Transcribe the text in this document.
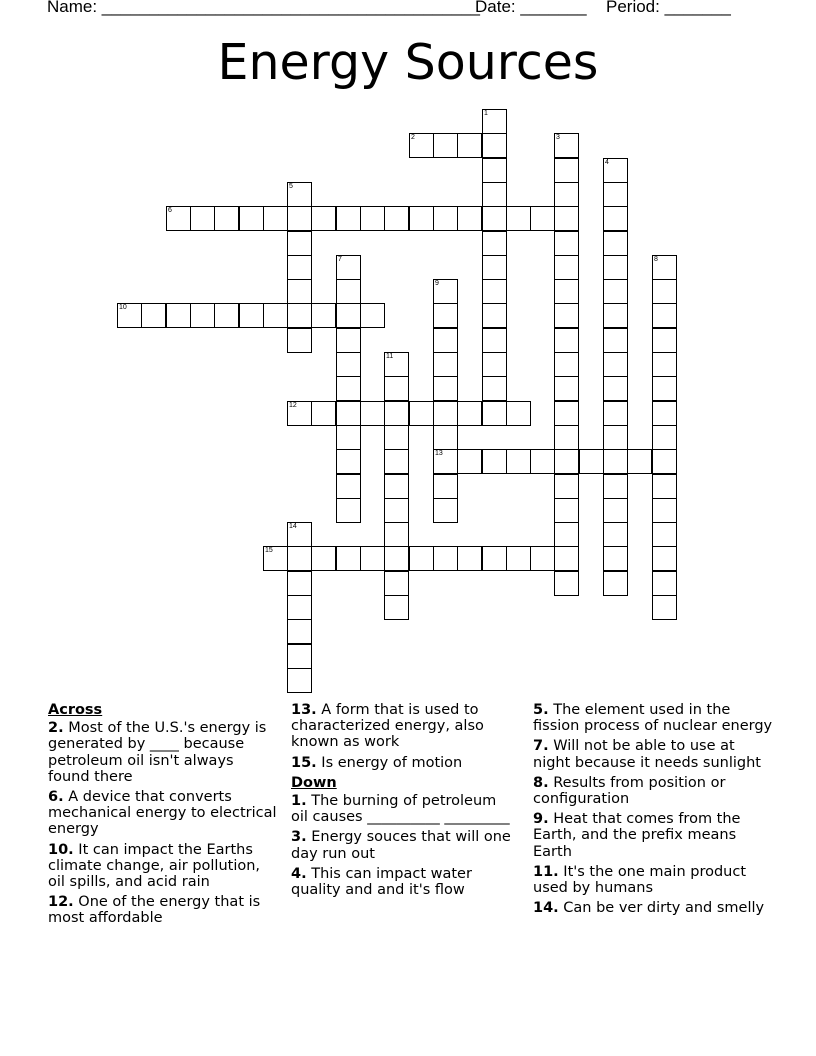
Name: ________________________________________
Date: _______ Period: _______
Energy Sources
1
2	3
4
5
6
7	8
9
13
10
11
12
14
15
Across
2. Most of the U.S.'s energy is generated by ____ because petroleum oil isn't always found there
6. A device that converts mechanical energy to electrical energy
10. It can impact the Earths climate change, air pollution, oil spills, and acid rain
12. One of the energy that is most affordable
13. A form that is used to characterized energy, also known as work
15. Is energy of motion
Down
1. The burning of petroleum oil causes __________ _________
3. Energy souces that will one day run out
4. This can impact water quality and and it's flow
5. The element used in the fission process of nuclear energy
7. Will not be able to use at night because it needs sunlight
8. Results from position or configuration
9. Heat that comes from the Earth, and the prefix means Earth
11. It's the one main product used by humans
14. Can be ver dirty and smelly
